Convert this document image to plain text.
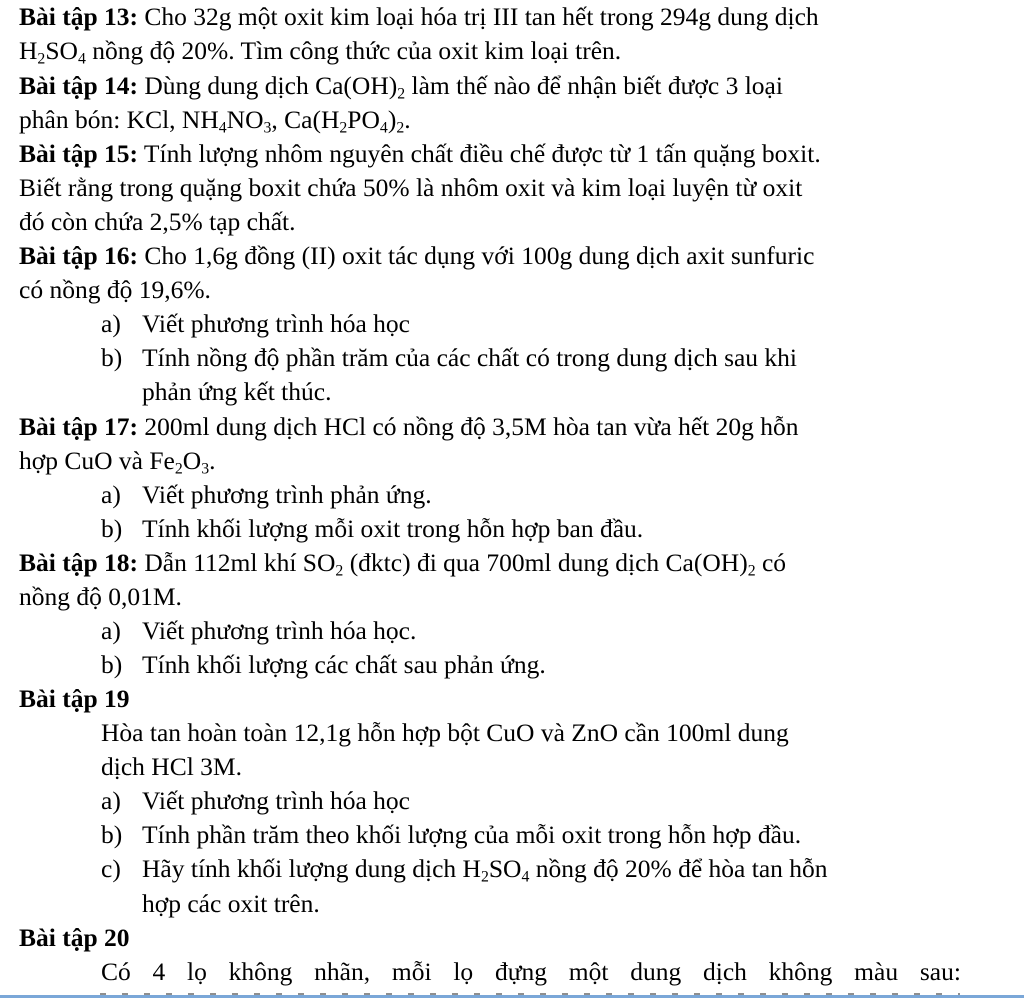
Bài tập 13: Cho 32g một oxit kim loại hóa trị III tan hết trong 294g dung dịch
$H_2SO_4$ nồng độ 20%. Tìm công thức của oxit kim loại trên.
Bài tập 14: Dùng dung dịch $Ca(OH)_2$ làm thế nào để nhận biết được 3 loại
phân bón: KCl, $NH_4NO_3$, $Ca(H_2PO_4)_2$.
Bài tập 15: Tính lượng nhôm nguyên chất điều chế được từ 1 tấn quặng boxit.
Biết rằng trong quặng boxit chứa 50% là nhôm oxit và kim loại luyện từ oxit
đó còn chứa 2,5% tạp chất.
Bài tập 16: Cho 1,6g đồng (II) oxit tác dụng với 100g dung dịch axit sunfuric
có nồng độ 19,6%.
a) Viết phương trình hóa học
b) Tính nồng độ phần trăm của các chất có trong dung dịch sau khi
phản ứng kết thúc.
Bài tập 17: 200ml dung dịch HCl có nồng độ 3,5M hòa tan vừa hết 20g hỗn
hợp CuO và $Fe_2O_3$.
a) Viết phương trình phản ứng.
b) Tính khối lượng mỗi oxit trong hỗn hợp ban đầu.
Bài tập 18: Dẫn 112ml khí $SO_2$ (đktc) đi qua 700ml dung dịch $Ca(OH)_2$ có
nồng độ 0,01M.
a) Viết phương trình hóa học.
b) Tính khối lượng các chất sau phản ứng.
Bài tập 19
Hòa tan hoàn toàn 12,1g hỗn hợp bột CuO và ZnO cần 100ml dung
dịch HCl 3M.
a) Viết phương trình hóa học
b) Tính phần trăm theo khối lượng của mỗi oxit trong hỗn hợp đầu.
c) Hãy tính khối lượng dung dịch $H_2SO_4$ nồng độ 20% để hòa tan hỗn
hợp các oxit trên.
Bài tập 20
Có 4 lọ không nhãn, mỗi lọ đựng một dung dịch không màu sau:
